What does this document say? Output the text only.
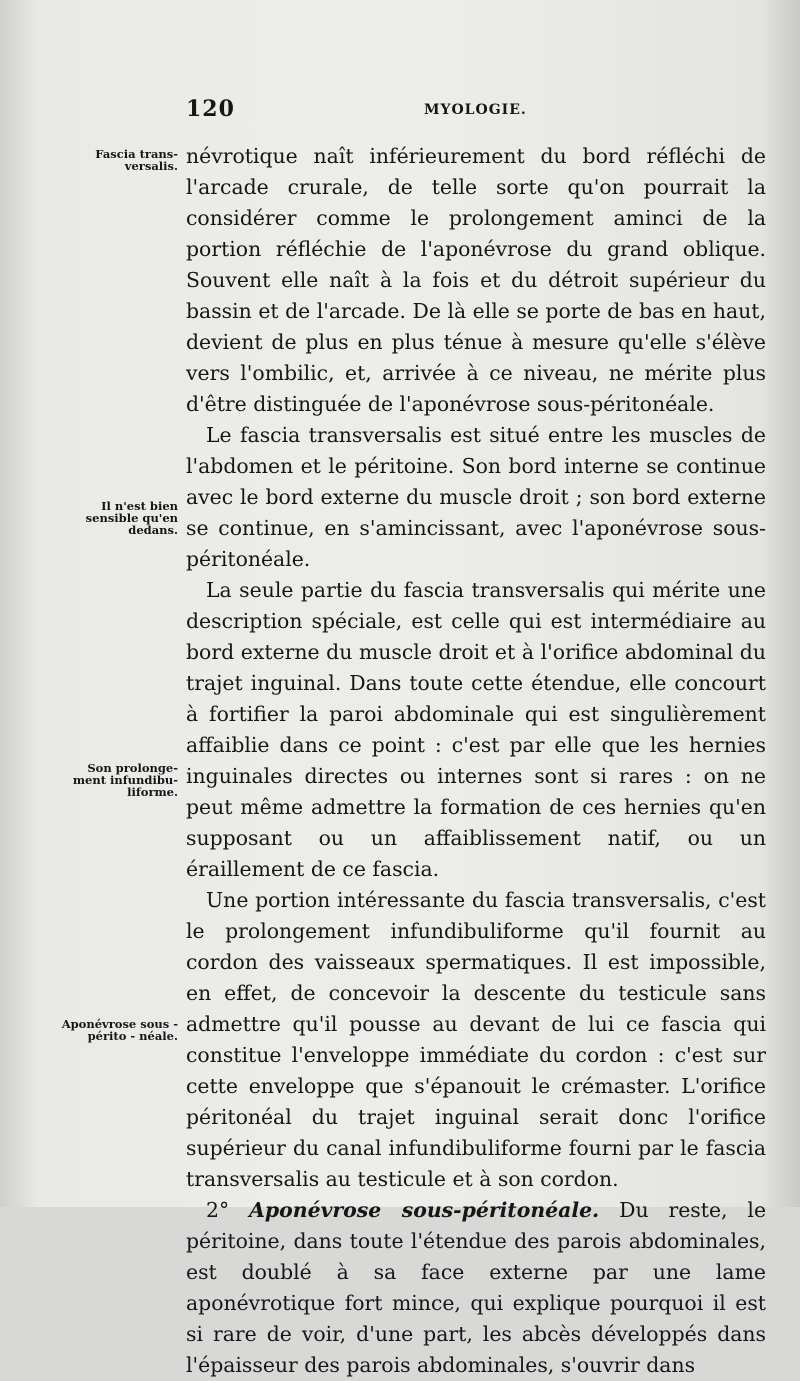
120	MYOLOGIE.
Fascia trans-versalis.
Il n'est bien sensible qu'en dedans.
Son prolonge-ment infundibu-liforme.
Aponévrose sous - périto - néale.

névrotique naît inférieurement du bord réfléchi de l'arcade crurale, de telle sorte qu'on pourrait la considérer comme le prolongement aminci de la portion réfléchie de l'aponévrose du grand oblique. Souvent elle naît à la fois et du détroit supérieur du bassin et de l'arcade. De là elle se porte de bas en haut, devient de plus en plus ténue à mesure qu'elle s'élève vers l'ombilic, et, arrivée à ce niveau, ne mérite plus d'être distinguée de l'aponévrose sous-péritonéale.

Le fascia transversalis est situé entre les muscles de l'abdomen et le péritoine. Son bord interne se continue avec le bord externe du muscle droit ; son bord externe se continue, en s'amincissant, avec l'aponévrose sous-péritonéale.

La seule partie du fascia transversalis qui mérite une description spéciale, est celle qui est intermédiaire au bord externe du muscle droit et à l'orifice abdominal du trajet inguinal. Dans toute cette étendue, elle concourt à fortifier la paroi abdominale qui est singulièrement affaiblie dans ce point : c'est par elle que les hernies inguinales directes ou internes sont si rares : on ne peut même admettre la formation de ces hernies qu'en supposant ou un affaiblissement natif, ou un éraillement de ce fascia.

Une portion intéressante du fascia transversalis, c'est le prolongement infundibuliforme qu'il fournit au cordon des vaisseaux spermatiques. Il est impossible, en effet, de concevoir la descente du testicule sans admettre qu'il pousse au devant de lui ce fascia qui constitue l'enveloppe immédiate du cordon : c'est sur cette enveloppe que s'épanouit le crémaster. L'orifice péritonéal du trajet inguinal serait donc l'orifice supérieur du canal infundibuliforme fourni par le fascia transversalis au testicule et à son cordon.

2° Aponévrose sous-péritonéale. Du reste, le péritoine, dans toute l'étendue des parois abdominales, est doublé à sa face externe par une lame aponévrotique fort mince, qui explique pourquoi il est si rare de voir, d'une part, les abcès développés dans l'épaisseur des parois abdominales, s'ouvrir dans
